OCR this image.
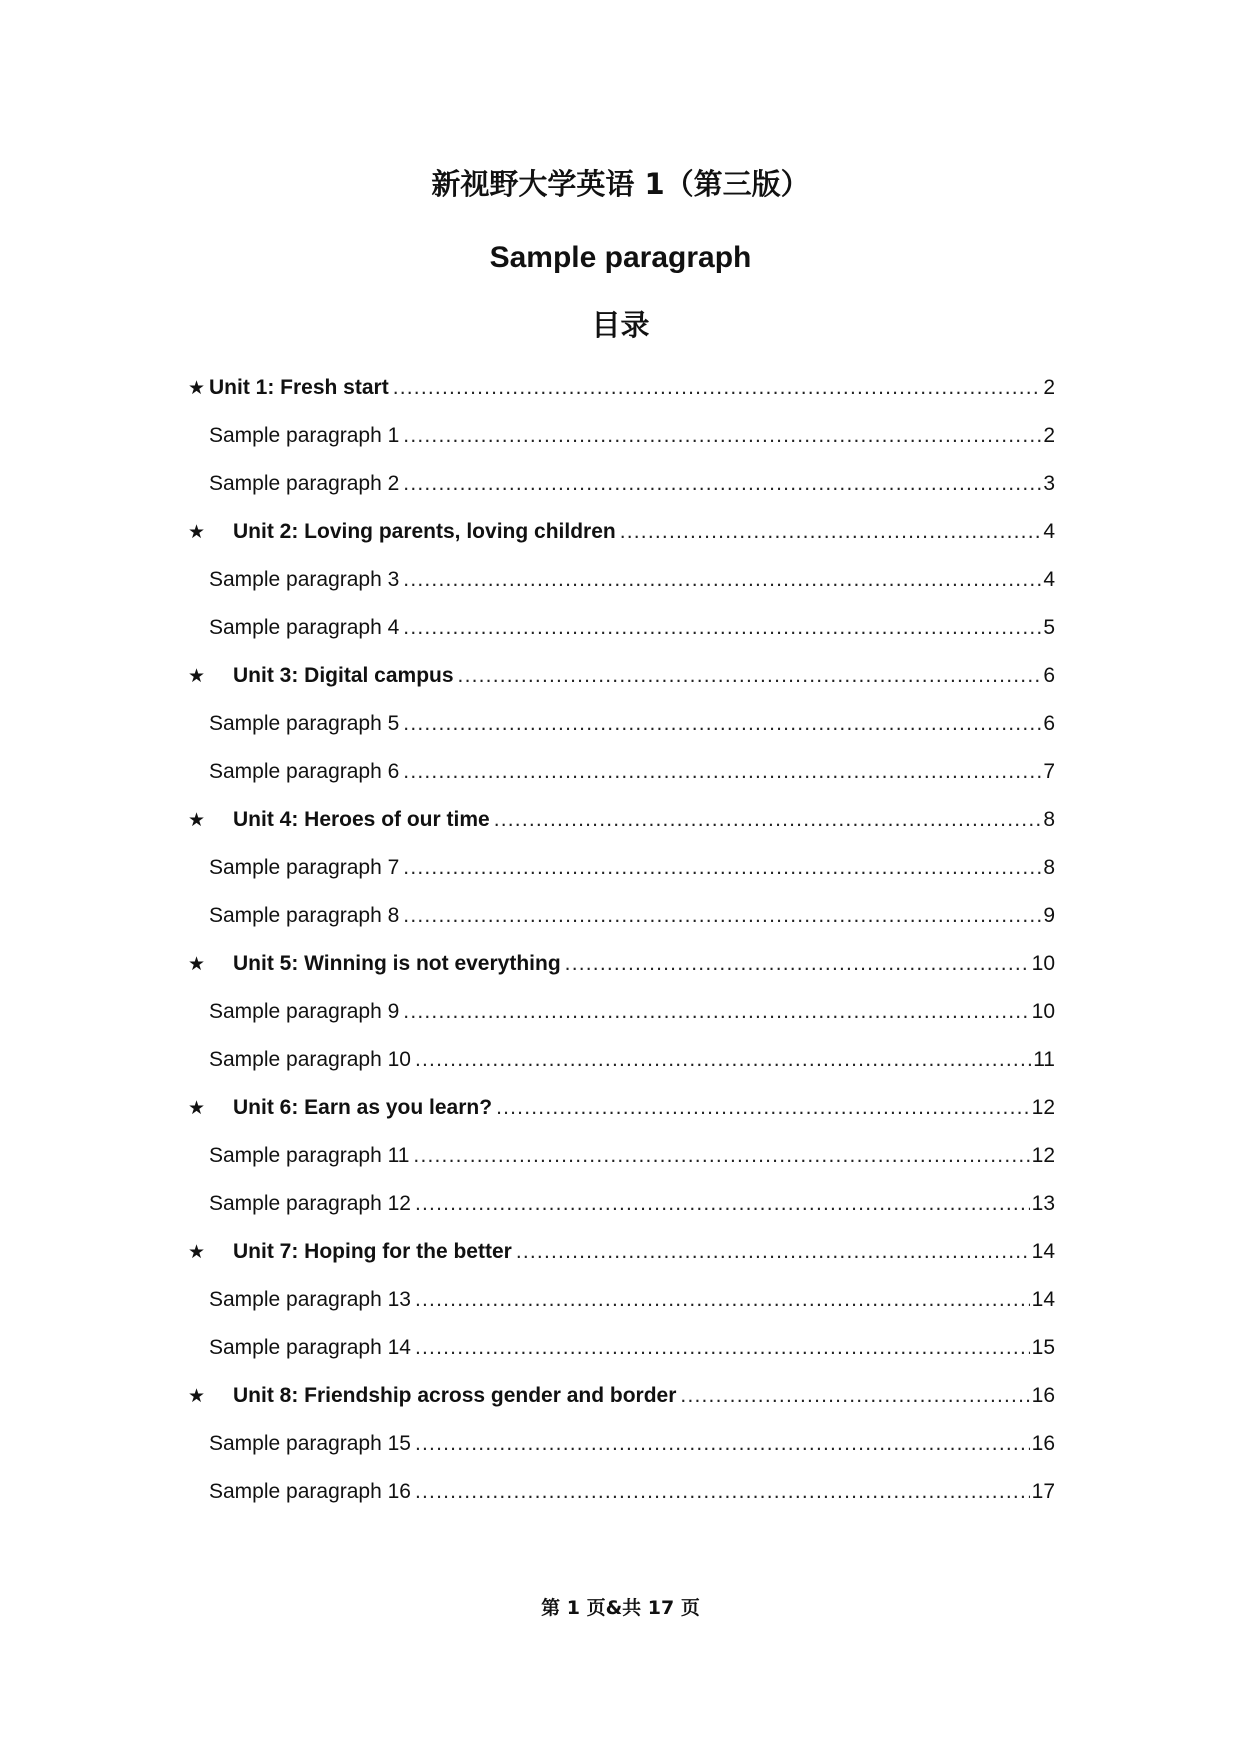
新视野大学英语 1（第三版）
Sample paragraph
目录
★ Unit 1: Fresh start .....	2
Sample paragraph 1 .....	2
Sample paragraph 2 .....	3
★	Unit 2: Loving parents, loving children .....	4
Sample paragraph 3 .....	4
Sample paragraph 4 .....	5
★	Unit 3: Digital campus .....	6
Sample paragraph 5 .....	6
Sample paragraph 6 .....	7
★	Unit 4: Heroes of our time .....	8
Sample paragraph 7 .....	8
Sample paragraph 8 .....	9
★	Unit 5: Winning is not everything .....	10
Sample paragraph 9 .....	10
Sample paragraph 10 .....	11
★	Unit 6: Earn as you learn? .....	12
Sample paragraph 11 .....	12
Sample paragraph 12 .....	13
★	Unit 7: Hoping for the better .....	14
Sample paragraph 13 .....	14
Sample paragraph 14 .....	15
★	Unit 8: Friendship across gender and border .....	16
Sample paragraph 15 .....	16
Sample paragraph 16 .....	17
第 1 页&共 17 页
